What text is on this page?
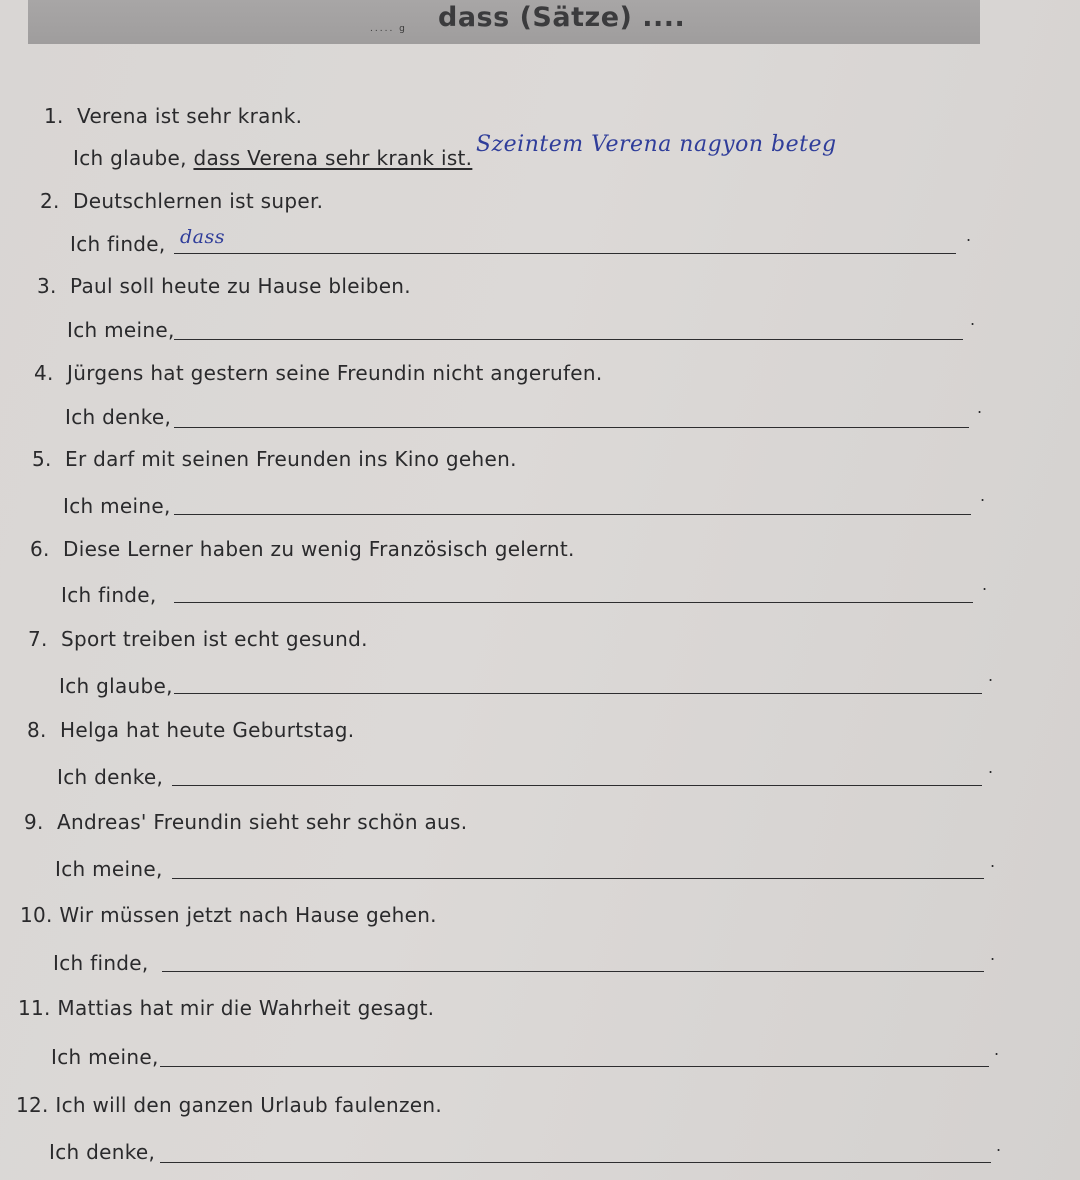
..... g dass (Sätze) ....
1. Verena ist sehr krank.
Ich glaube, dass Verena sehr krank ist.
Szeintem Verena nagyon beteg
2. Deutschlernen ist super.
Ich finde, dass	.
3. Paul soll heute zu Hause bleiben.
Ich meine,	.
4. Jürgens hat gestern seine Freundin nicht angerufen.
Ich denke,	.
5. Er darf mit seinen Freunden ins Kino gehen.
Ich meine,	.
6. Diese Lerner haben zu wenig Französisch gelernt.
Ich finde,	.
7. Sport treiben ist echt gesund.
Ich glaube,	.
8. Helga hat heute Geburtstag.
Ich denke,	.
9. Andreas' Freundin sieht sehr schön aus.
Ich meine,	.
10. Wir müssen jetzt nach Hause gehen.
Ich finde,	.
11. Mattias hat mir die Wahrheit gesagt.
Ich meine,	.
12. Ich will den ganzen Urlaub faulenzen.
Ich denke,	.
